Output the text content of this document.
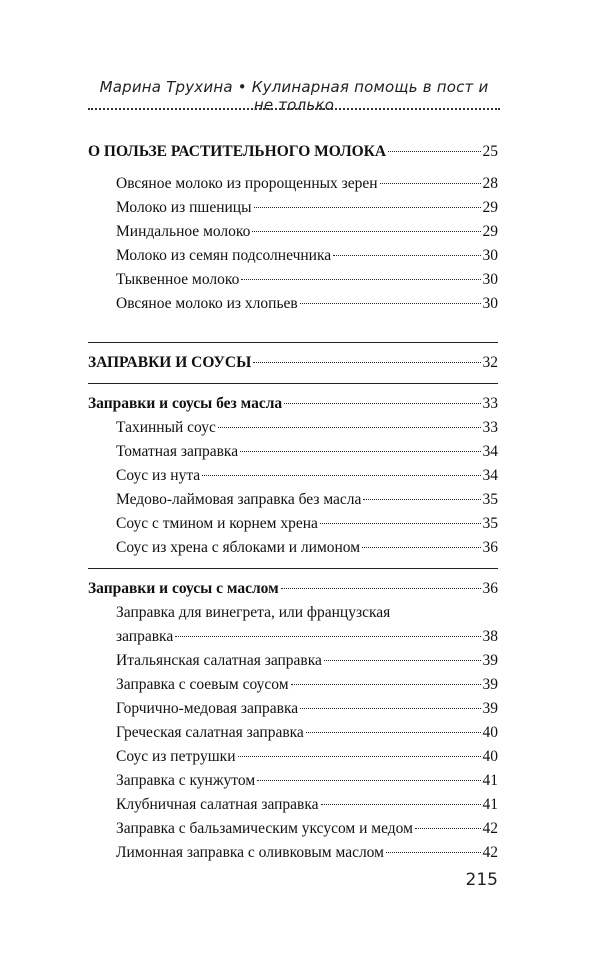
Марина Трухина • Кулинарная помощь в пост и не только
О ПОЛЬЗЕ РАСТИТЕЛЬНОГО МОЛОКА	25
Овсяное молоко из пророщенных зерен	28
Молоко из пшеницы	29
Миндальное молоко	29
Молоко из семян подсолнечника	30
Тыквенное молоко	30
Овсяное молоко из хлопьев	30
ЗАПРАВКИ И СОУСЫ	32
Заправки и соусы без масла	33
Тахинный соус	33
Томатная заправка	34
Соус из нута	34
Медово-лаймовая заправка без масла	35
Соус с тмином и корнем хрена	35
Соус из хрена с яблоками и лимоном	36
Заправки и соусы с маслом	36
Заправка для винегрета, или французская
заправка	38
Итальянская салатная заправка	39
Заправка с соевым соусом	39
Горчично-медовая заправка	39
Греческая салатная заправка	40
Соус из петрушки	40
Заправка с кунжутом	41
Клубничная салатная заправка	41
Заправка с бальзамическим уксусом и медом	42
Лимонная заправка с оливковым маслом	42
215
